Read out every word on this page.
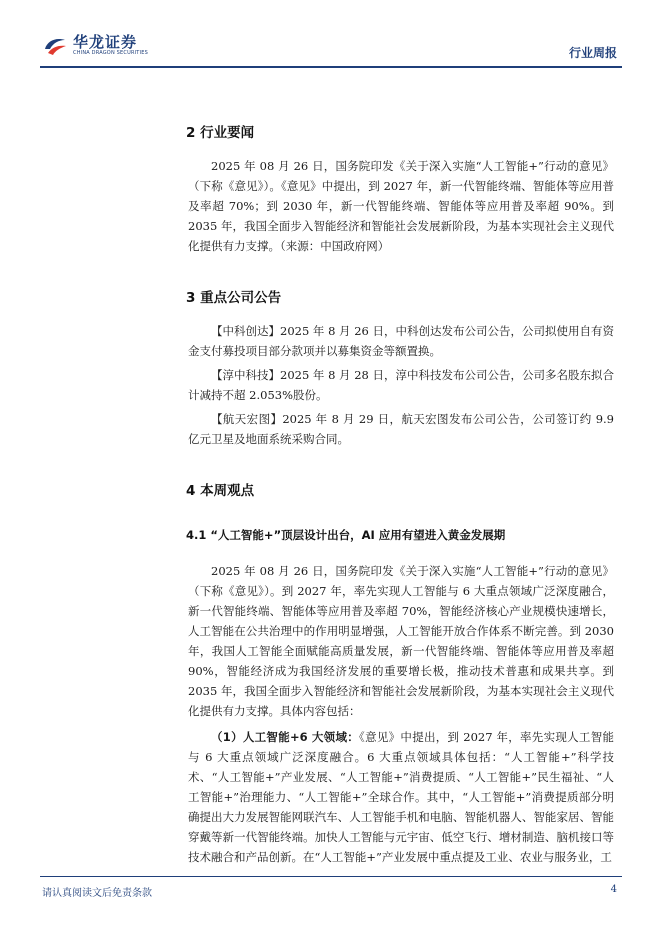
华龙证券
CHINA DRAGON SECURITIES	行业周报
2 行业要闻
2025 年 08 月 26 日，国务院印发《关于深入实施“人工智能+”行动的意见》（下称《意见》）。《意见》中提出，到 2027 年，新一代智能终端、智能体等应用普及率超 70%；到 2030 年，新一代智能终端、智能体等应用普及率超 90%。到 2035 年，我国全面步入智能经济和智能社会发展新阶段，为基本实现社会主义现代化提供有力支撑。（来源：中国政府网）
3 重点公司公告
【中科创达】2025 年 8 月 26 日，中科创达发布公司公告，公司拟使用自有资金支付募投项目部分款项并以募集资金等额置换。
【淳中科技】2025 年 8 月 28 日，淳中科技发布公司公告，公司多名股东拟合计减持不超 2.053%股份。
【航天宏图】2025 年 8 月 29 日，航天宏图发布公司公告，公司签订约 9.9 亿元卫星及地面系统采购合同。
4 本周观点
4.1 “人工智能+”顶层设计出台，AI 应用有望进入黄金发展期
2025 年 08 月 26 日，国务院印发《关于深入实施“人工智能+”行动的意见》（下称《意见》）。到 2027 年，率先实现人工智能与 6 大重点领域广泛深度融合，新一代智能终端、智能体等应用普及率超 70%，智能经济核心产业规模快速增长，人工智能在公共治理中的作用明显增强，人工智能开放合作体系不断完善。到 2030 年，我国人工智能全面赋能高质量发展，新一代智能终端、智能体等应用普及率超 90%，智能经济成为我国经济发展的重要增长极，推动技术普惠和成果共享。到 2035 年，我国全面步入智能经济和智能社会发展新阶段，为基本实现社会主义现代化提供有力支撑。具体内容包括：
（1）人工智能+6 大领域：《意见》中提出，到 2027 年，率先实现人工智能与 6 大重点领域广泛深度融合。6 大重点领域具体包括：“人工智能+”科学技术、“人工智能+”产业发展、“人工智能+”消费提质、“人工智能+”民生福祉、“人工智能+”治理能力、“人工智能+”全球合作。其中，“人工智能+”消费提质部分明确提出大力发展智能网联汽车、人工智能手机和电脑、智能机器人、智能家居、智能穿戴等新一代智能终端。加快人工智能与元宇宙、低空飞行、增材制造、脑机接口等技术融合和产品创新。在“人工智能+”产业发展中重点提及工业、农业与服务业，工
请认真阅读文后免责条款	4
